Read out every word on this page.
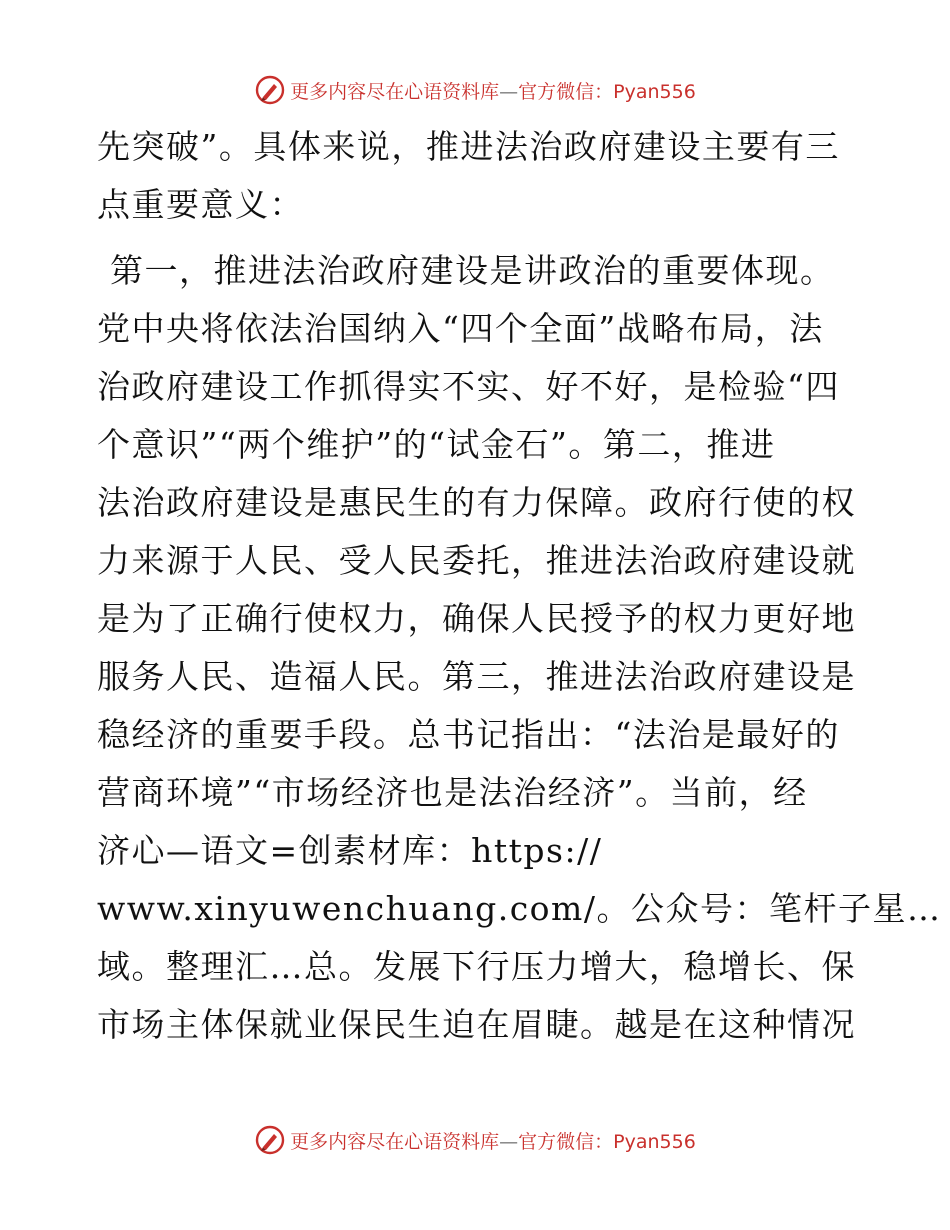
更多内容尽在心语资料库—官方微信：Pyan556
先突破”。具体来说，推进法治政府建设主要有三
点重要意义：
第一，推进法治政府建设是讲政治的重要体现。
党中央将依法治国纳入“四个全面”战略布局，法
治政府建设工作抓得实不实、好不好，是检验“四
个意识”“两个维护”的“试金石”。第二，推进
法治政府建设是惠民生的有力保障。政府行使的权
力来源于人民、受人民委托，推进法治政府建设就
是为了正确行使权力，确保人民授予的权力更好地
服务人民、造福人民。第三，推进法治政府建设是
稳经济的重要手段。总书记指出：“法治是最好的
营商环境”“市场经济也是法治经济”。当前，经
济心—语文=创素材库：https://
www.xinyuwenchuang.com/。公众号：笔杆子星…
域。整理汇…总。发展下行压力增大，稳增长、保
市场主体保就业保民生迫在眉睫。越是在这种情况
更多内容尽在心语资料库—官方微信：Pyan556
